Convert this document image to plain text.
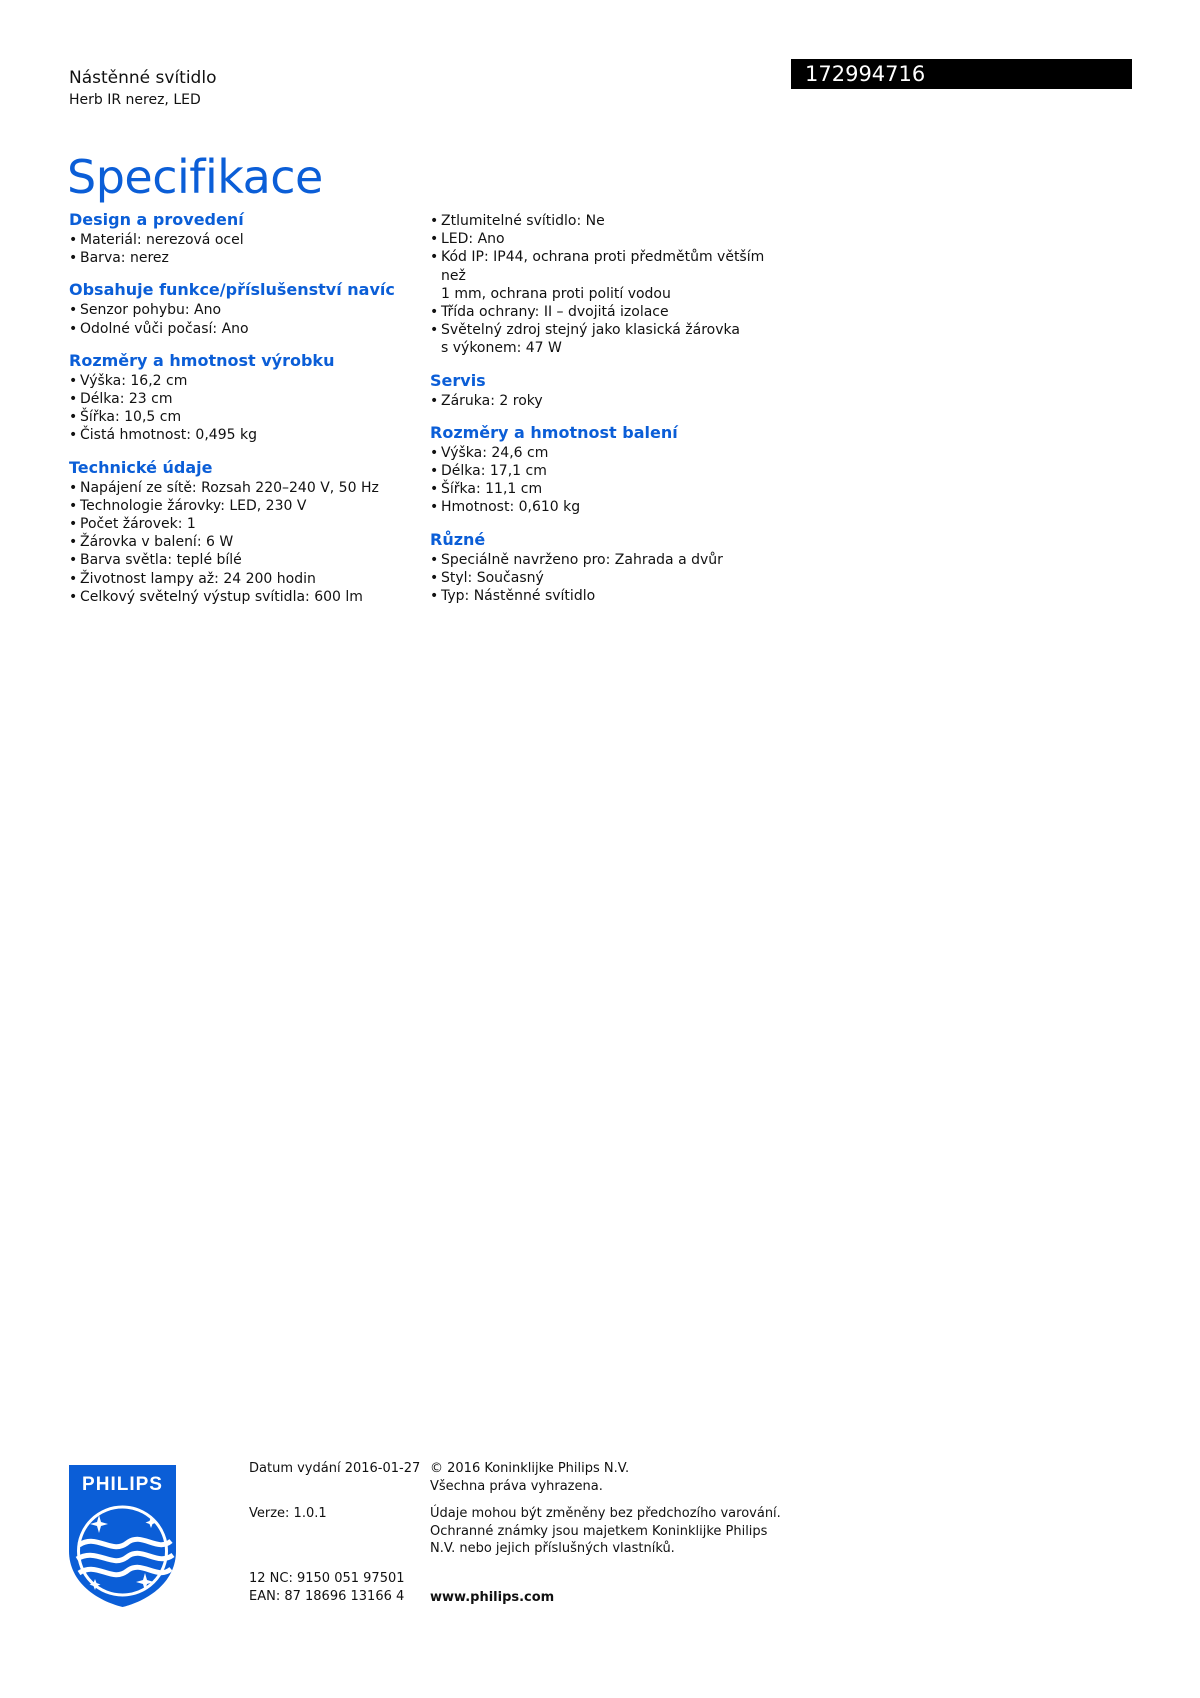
Nástěnné svítidlo
Herb IR nerez, LED
172994716
Specifikace
Design a provedení
• Materiál: nerezová ocel
• Barva: nerez
Obsahuje funkce/příslušenství navíc
• Senzor pohybu: Ano
• Odolné vůči počasí: Ano
Rozměry a hmotnost výrobku
• Výška: 16,2 cm
• Délka: 23 cm
• Šířka: 10,5 cm
• Čistá hmotnost: 0,495 kg
Technické údaje
• Napájení ze sítě: Rozsah 220–240 V, 50 Hz
• Technologie žárovky: LED, 230 V
• Počet žárovek: 1
• Žárovka v balení: 6 W
• Barva světla: teplé bílé
• Životnost lampy až: 24 200 hodin
• Celkový světelný výstup svítidla: 600 lm
• Ztlumitelné svítidlo: Ne
• LED: Ano
• Kód IP: IP44, ochrana proti předmětům větším než
1 mm, ochrana proti polití vodou
• Třída ochrany: II – dvojitá izolace
• Světelný zdroj stejný jako klasická žárovka
s výkonem: 47 W
Servis
• Záruka: 2 roky
Rozměry a hmotnost balení
• Výška: 24,6 cm
• Délka: 17,1 cm
• Šířka: 11,1 cm
• Hmotnost: 0,610 kg
Různé
• Speciálně navrženo pro: Zahrada a dvůr
• Styl: Současný
• Typ: Nástěnné svítidlo
PHILIPS
Datum vydání 2016-01-27
Verze: 1.0.1
12 NC: 9150 051 97501
EAN: 87 18696 13166 4
© 2016 Koninklijke Philips N.V.
Všechna práva vyhrazena.
Údaje mohou být změněny bez předchozího varování.
Ochranné známky jsou majetkem Koninklijke Philips
N.V. nebo jejich příslušných vlastníků.
www.philips.com
